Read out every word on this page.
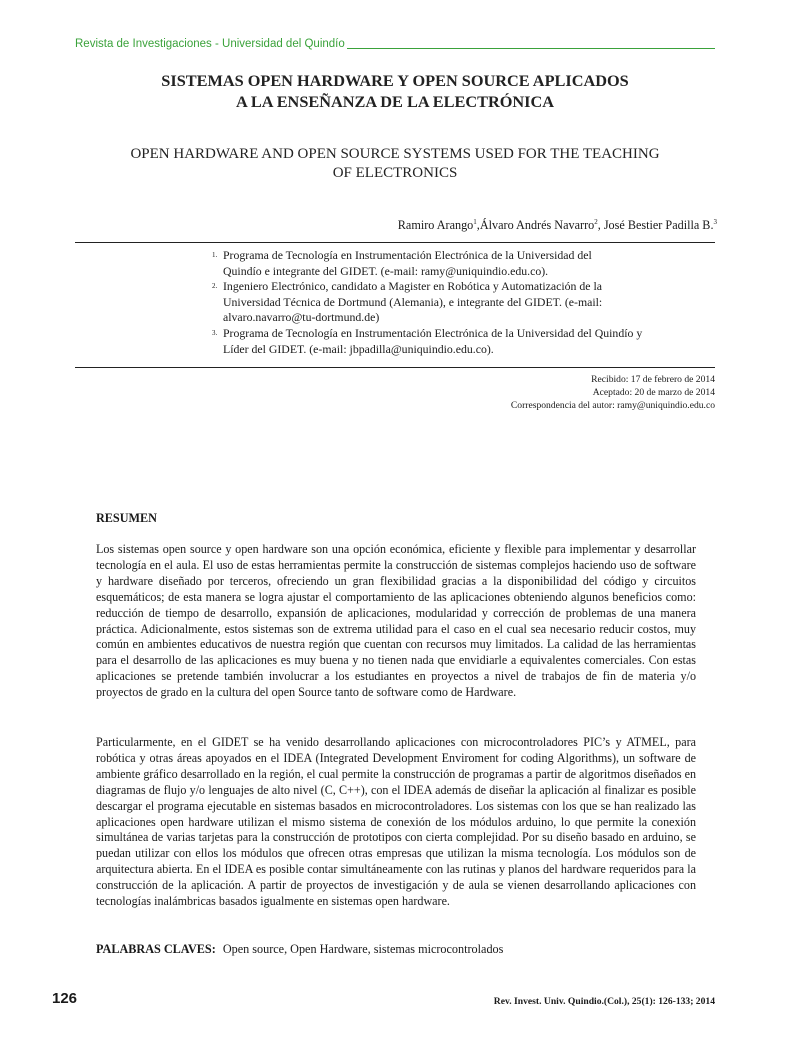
Revista de Investigaciones - Universidad del Quindío
SISTEMAS OPEN HARDWARE Y OPEN SOURCE APLICADOS
A LA ENSEÑANZA DE LA ELECTRÓNICA
OPEN HARDWARE AND OPEN SOURCE SYSTEMS USED FOR THE TEACHING
OF ELECTRONICS
Ramiro Arango$^1$,Álvaro Andrés Navarro$^2$, José Bestier Padilla B.$^3$
1. Programa de Tecnología en Instrumentación Electrónica de la Universidad del
Quindío e integrante del GIDET. (e-mail: ramy@uniquindio.edu.co).
2. Ingeniero Electrónico, candidato a Magister en Robótica y Automatización de la
Universidad Técnica de Dortmund (Alemania), e integrante del GIDET. (e-mail:
alvaro.navarro@tu-dortmund.de)
3. Programa de Tecnología en Instrumentación Electrónica de la Universidad del Quindío y
Líder del GIDET. (e-mail: jbpadilla@uniquindio.edu.co).
Recibido: 17 de febrero de 2014
Aceptado: 20 de marzo de 2014
Correspondencia del autor: ramy@uniquindio.edu.co
RESUMEN
Los sistemas open source y open hardware son una opción económica, eficiente y flexible para implementar y desarrollar tecnología en el aula. El uso de estas herramientas permite la construcción de sistemas complejos haciendo uso de software y hardware diseñado por terceros, ofreciendo un gran flexibilidad gracias a la disponibilidad del código y circuitos esquemáticos; de esta manera se logra ajustar el comportamiento de las aplicaciones obteniendo algunos beneficios como: reducción de tiempo de desarrollo, expansión de aplicaciones, modularidad y corrección de problemas de una manera práctica. Adicionalmente, estos sistemas son de extrema utilidad para el caso en el cual sea necesario reducir costos, muy común en ambientes educativos de nuestra región que cuentan con recursos muy limitados. La calidad de las herramientas para el desarrollo de las aplicaciones es muy buena y no tienen nada que envidiarle a equivalentes comerciales. Con estas aplicaciones se pretende también involucrar a los estudiantes en proyectos a nivel de trabajos de fin de materia y/o proyectos de grado en la cultura del open Source tanto de software como de Hardware.
Particularmente, en el GIDET se ha venido desarrollando aplicaciones con microcontroladores PIC’s y ATMEL, para robótica y otras áreas apoyados en el IDEA (Integrated Development Enviroment for coding Algorithms), un software de ambiente gráfico desarrollado en la región, el cual permite la construcción de programas a partir de algoritmos diseñados en diagramas de flujo y/o lenguajes de alto nivel (C, C++), con el IDEA además de diseñar la aplicación al finalizar es posible descargar el programa ejecutable en sistemas basados en microcontroladores. Los sistemas con los que se han realizado las aplicaciones open hardware utilizan el mismo sistema de conexión de los módulos arduino, lo que permite la conexión simultánea de varias tarjetas para la construcción de prototipos con cierta complejidad. Por su diseño basado en arduino, se puedan utilizar con ellos los módulos que ofrecen otras empresas que utilizan la misma tecnología. Los módulos son de arquitectura abierta. En el IDEA es posible contar simultáneamente con las rutinas y planos del hardware requeridos para la construcción de la aplicación. A partir de proyectos de investigación y de aula se vienen desarrollando aplicaciones con tecnologías inalámbricas basados igualmente en sistemas open hardware.
PALABRAS CLAVES: Open source, Open Hardware, sistemas microcontrolados
126	Rev. Invest. Univ. Quindio.(Col.), 25(1): 126-133; 2014
